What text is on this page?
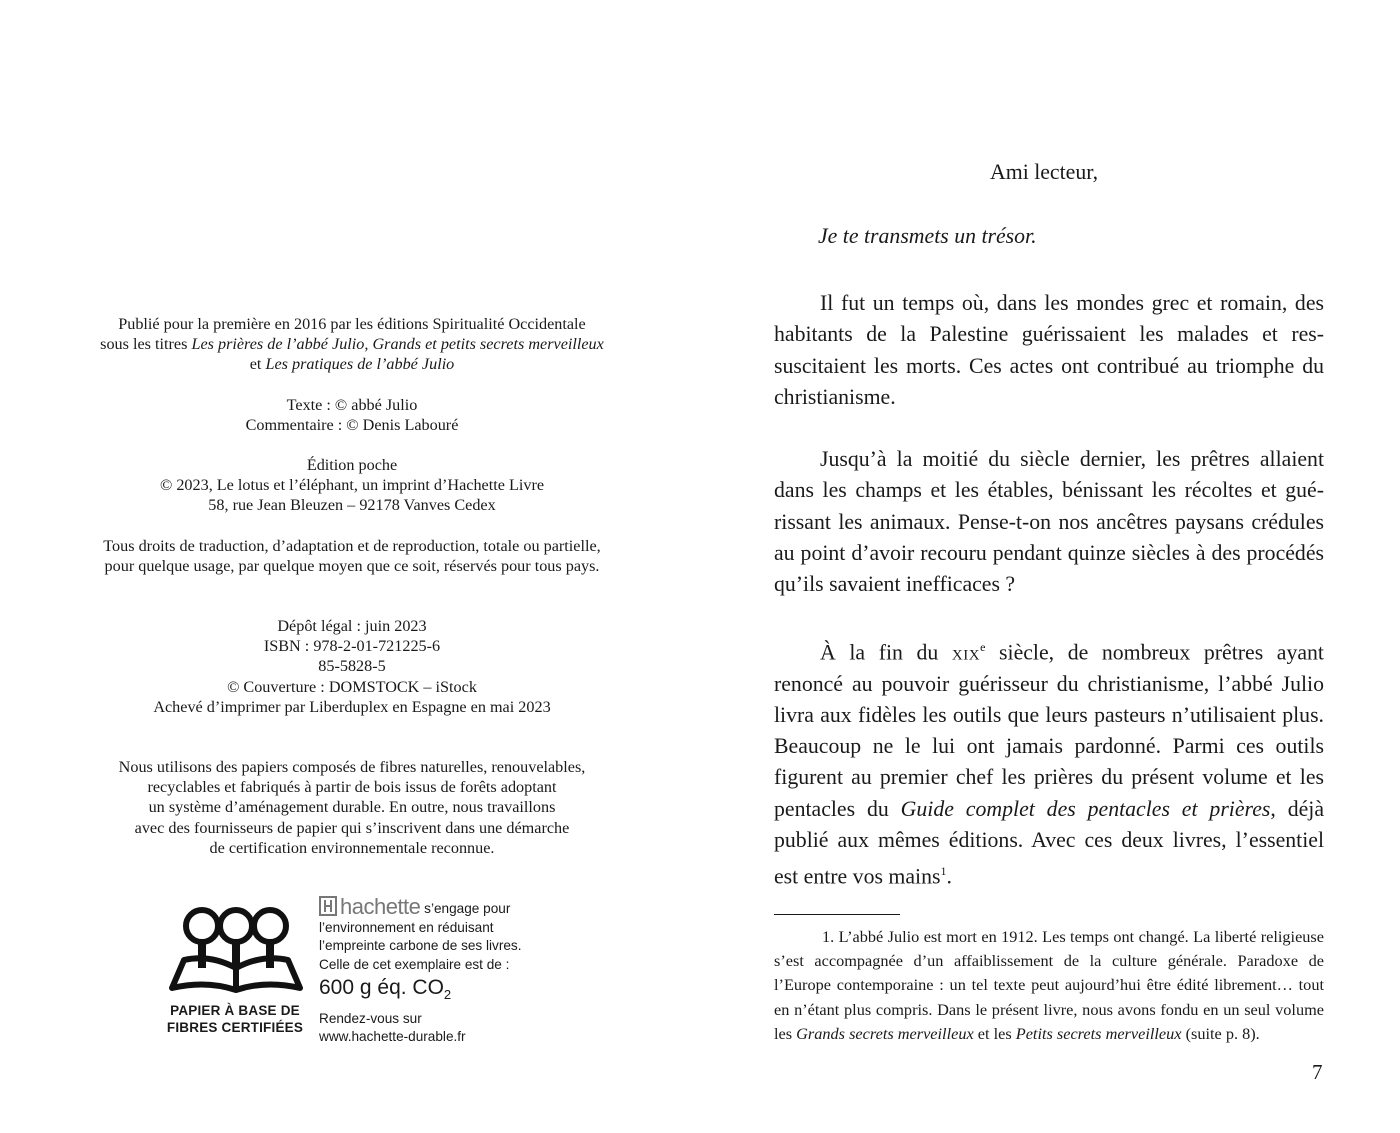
Publié pour la première en 2016 par les éditions Spiritualité Occidentale

sous les titres Les prières de l’abbé Julio, Grands et petits secrets merveilleux

et Les pratiques de l’abbé Julio

Texte : © abbé Julio

Commentaire : © Denis Labouré

Édition poche

© 2023, Le lotus et l’éléphant, un imprint d’Hachette Livre

58, rue Jean Bleuzen – 92178 Vanves Cedex

Tous droits de traduction, d’adaptation et de reproduction, totale ou partielle,

pour quelque usage, par quelque moyen que ce soit, réservés pour tous pays.

Dépôt légal : juin 2023

ISBN : 978-2-01-721225-6

85-5828-5

© Couverture : DOMSTOCK – iStock

Achevé d’imprimer par Liberduplex en Espagne en mai 2023

Nous utilisons des papiers composés de fibres naturelles, renouvelables,

recyclables et fabriqués à partir de bois issus de forêts adoptant

un système d’aménagement durable. En outre, nous travaillons

avec des fournisseurs de papier qui s’inscrivent dans une démarche

de certification environnementale reconnue.

PAPIER À BASE DE
FIBRES CERTIFIÉES
hachette s’engage pour
l’environnement en réduisant
l’empreinte carbone de ses livres.
Celle de cet exemplaire est de :
600 g éq. $CO_2$
Rendez-vous sur
www.hachette-durable.fr
Ami lecteur,
Je te transmets un trésor.

Il fut un temps où, dans les mondes grec et romain, des habitants de la Palestine guérissaient les malades et ressuscitaient les morts. Ces actes ont contribué au triomphe du christianisme.

Jusqu’à la moitié du siècle dernier, les prêtres allaient dans les champs et les étables, bénissant les récoltes et guérissant les animaux. Pense-t-on nos ancêtres paysans crédules au point d’avoir recouru pendant quinze siècles à des procédés qu’ils savaient inefficaces ?

À la fin du xix$^e$ siècle, de nombreux prêtres ayant renoncé au pouvoir guérisseur du christianisme, l’abbé Julio livra aux fidèles les outils que leurs pasteurs n’utilisaient plus. Beaucoup ne le lui ont jamais pardonné. Parmi ces outils figurent au premier chef les prières du présent volume et les pentacles du Guide complet des pentacles et prières, déjà publié aux mêmes éditions. Avec ces deux livres, l’essentiel est entre vos mains$^1$.

1. L’abbé Julio est mort en 1912. Les temps ont changé. La liberté religieuse s’est accompagnée d’un affaiblissement de la culture générale. Paradoxe de l’Europe contemporaine : un tel texte peut aujourd’hui être édité librement… tout en n’étant plus compris. Dans le présent livre, nous avons fondu en un seul volume les Grands secrets merveilleux et les Petits secrets merveilleux (suite p. 8).

7
